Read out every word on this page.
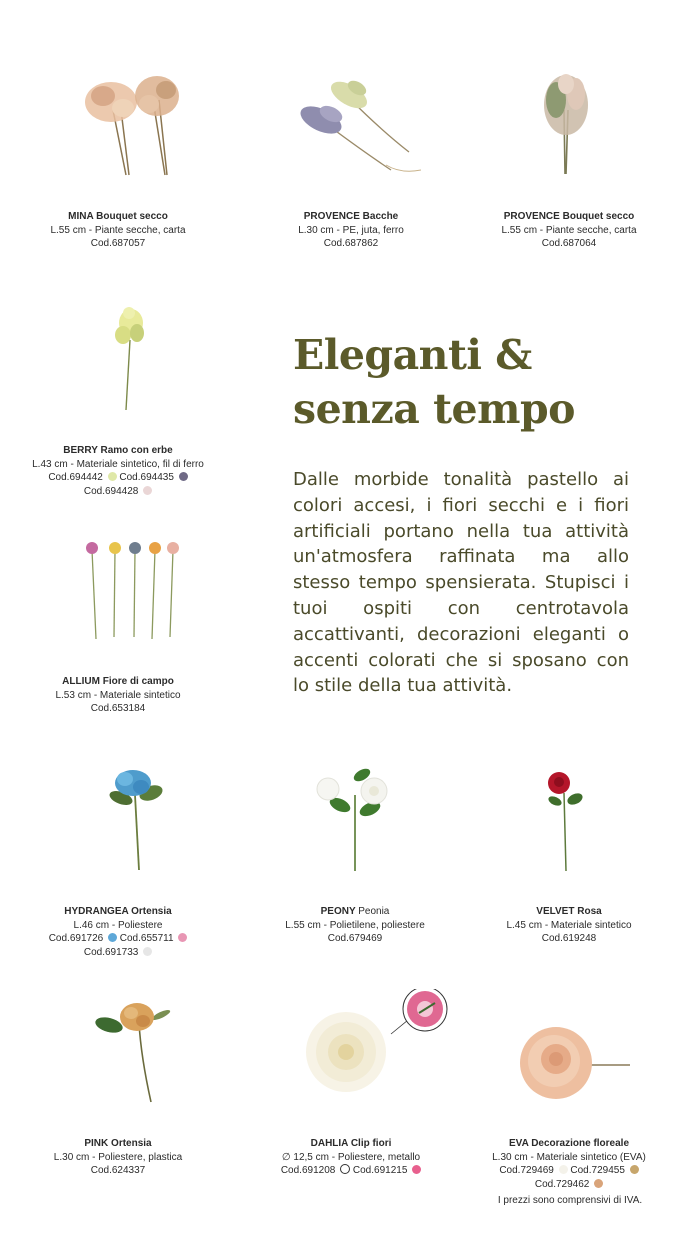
MINA Bouquet secco
L.55 cm - Piante secche, carta
Cod.687057
PROVENCE Bacche
L.30 cm - PE, juta, ferro
Cod.687862
PROVENCE Bouquet secco
L.55 cm - Piante secche, carta
Cod.687064
BERRY Ramo con erbe
L.43 cm - Materiale sintetico, fil di ferro
Cod.694442 Cod.694435
Cod.694428
ALLIUM Fiore di campo
L.53 cm - Materiale sintetico
Cod.653184
Eleganti &
senza tempo
Dalle morbide tonalità pastello ai colori accesi, i fiori secchi e i fiori artificiali portano nella tua attività un'atmosfera raffinata ma allo stesso tempo spensierata. Stupisci i tuoi ospiti con centrotavola accattivanti, decorazioni eleganti o accenti colorati che si sposano con lo stile della tua attività.
HYDRANGEA Ortensia
L.46 cm - Poliestere
Cod.691726 Cod.655711
Cod.691733
PEONY Peonia
L.55 cm - Polietilene, poliestere
Cod.679469
VELVET Rosa
L.45 cm - Materiale sintetico
Cod.619248
PINK Ortensia
L.30 cm - Poliestere, plastica
Cod.624337
DAHLIA Clip fiori
∅ 12,5 cm - Poliestere, metallo
Cod.691208 Cod.691215
EVA Decorazione floreale
L.30 cm - Materiale sintetico (EVA)
Cod.729469 Cod.729455
Cod.729462
I prezzi sono comprensivi di IVA.
